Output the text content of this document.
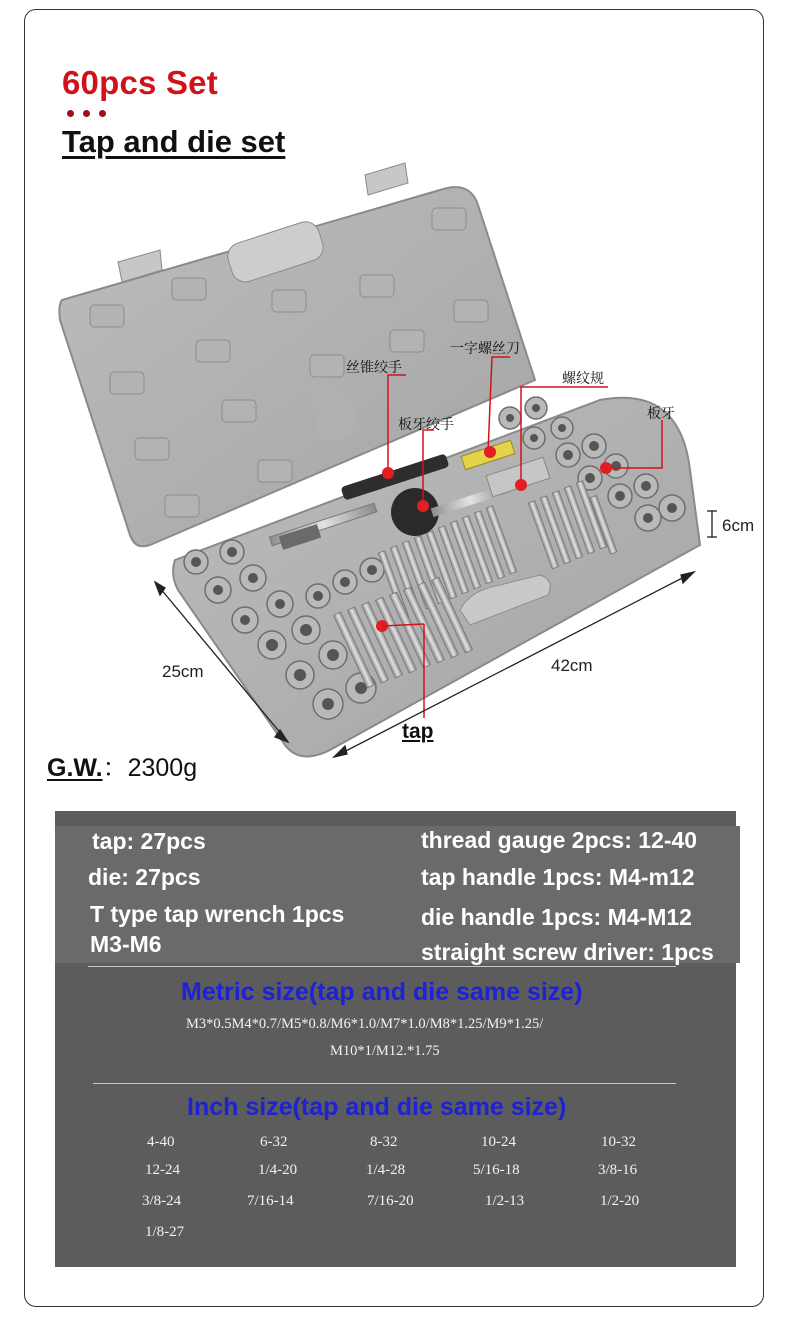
60pcs Set
Tap and die set
丝锥绞手
一字螺丝刀
螺纹规
板牙绞手
板牙
tap
6cm
25cm	42cm
G.W.：2300g
tap: 27pcs
die: 27pcs
T type tap wrench 1pcs
M3-M6
thread gauge 2pcs: 12-40
tap handle 1pcs: M4-m12
die handle 1pcs: M4-M12
straight screw driver: 1pcs
Metric size(tap and die same size)
M3*0.5M4*0.7/M5*0.8/M6*1.0/M7*1.0/M8*1.25/M9*1.25/
M10*1/M12.*1.75
Inch size(tap and die same size)
4-40	6-32	8-32	10-24	10-32
12-24	1/4-20	1/4-28	5/16-18	3/8-16
3/8-24	7/16-14	7/16-20	1/2-13	1/2-20
1/8-27
